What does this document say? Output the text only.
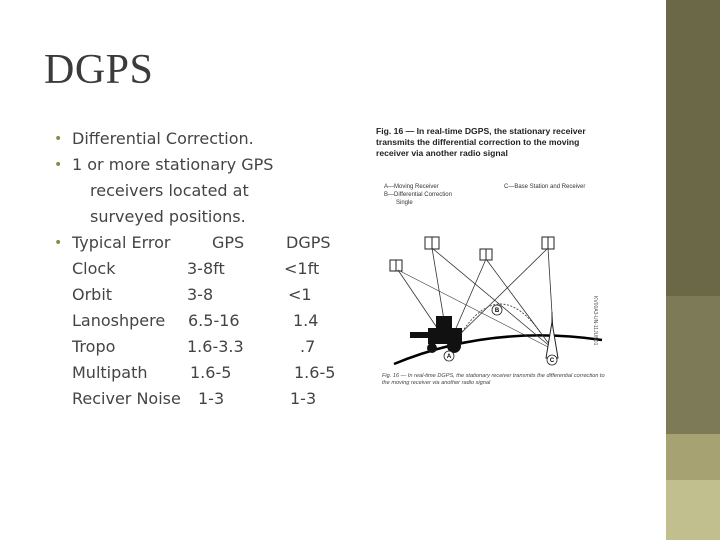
DGPS
• Differential Correction.
• 1 or more stationary GPS
receivers located at
surveyed positions.
• Typical Error	GPS	DGPS
Clock	3-8ft	<1ft
Orbit	3-8	<1
Lanoshpere 6.5-16	1.4
Tropo	1.6-3.3	.7
Multipath	1.6-5	1.6-5
Reciver Noise 1-3	1-3
Fig. 16 — In real-time DGPS, the stationary receiver transmits the differential correction to the moving receiver via another radio signal
A—Moving Receiver
B—Differential Correction
Single
C—Base Station and Receiver
A
B
C
KV00A3-UN-11JUN01
Fig. 16 — In real-time DGPS, the stationary receiver transmits the differential correction to the moving receiver via another radio signal
